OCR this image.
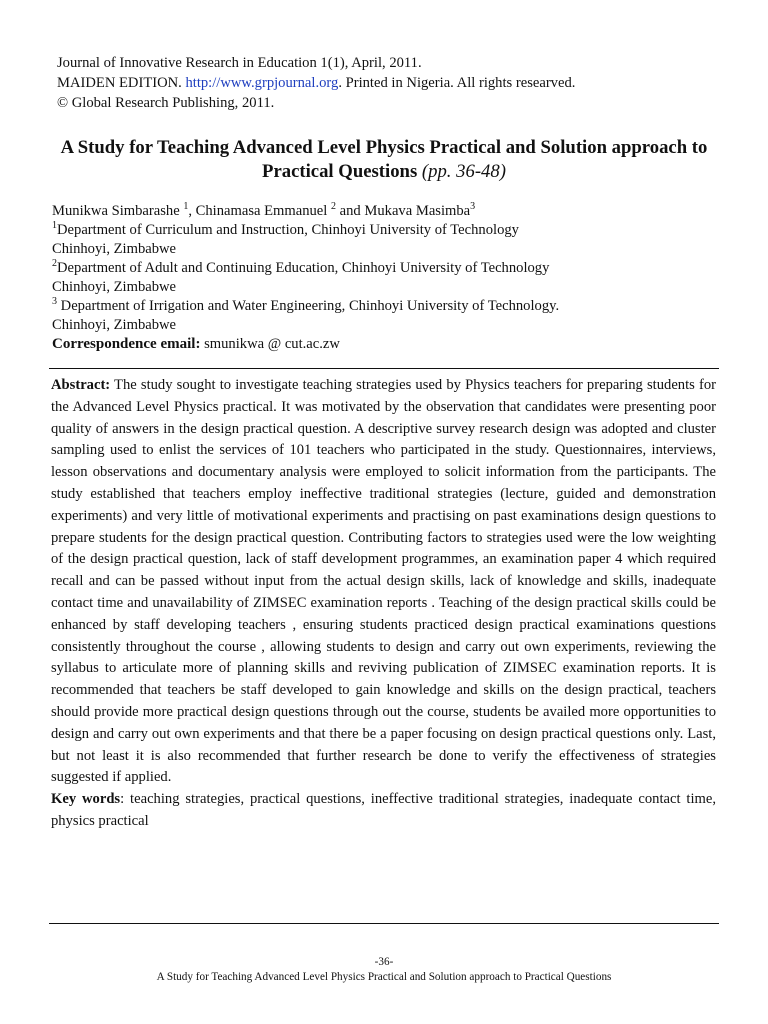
Journal of Innovative Research in Education 1(1), April, 2011.
MAIDEN EDITION. http://www.grpjournal.org. Printed in Nigeria. All rights researved.
© Global Research Publishing, 2011.
A Study for Teaching Advanced Level Physics Practical and Solution approach to Practical Questions (pp. 36-48)
Munikwa Simbarashe $^1$, Chinamasa Emmanuel $^2$ and Mukava Masimba$^3$
$^1$Department of Curriculum and Instruction, Chinhoyi University of Technology
Chinhoyi, Zimbabwe
$^2$Department of Adult and Continuing Education, Chinhoyi University of Technology
Chinhoyi, Zimbabwe
$^3$ Department of Irrigation and Water Engineering, Chinhoyi University of Technology.
Chinhoyi, Zimbabwe
Correspondence email: smunikwa @ cut.ac.zw
Abstract: The study sought to investigate teaching strategies used by Physics teachers for preparing students for the Advanced Level Physics practical. It was motivated by the observation that candidates were presenting poor quality of answers in the design practical question. A descriptive survey research design was adopted and cluster sampling used to enlist the services of 101 teachers who participated in the study. Questionnaires, interviews, lesson observations and documentary analysis were employed to solicit information from the participants. The study established that teachers employ ineffective traditional strategies (lecture, guided and demonstration experiments) and very little of motivational experiments and practising on past examinations design questions to prepare students for the design practical question. Contributing factors to strategies used were the low weighting of the design practical question, lack of staff development programmes, an examination paper 4 which required recall and can be passed without input from the actual design skills, lack of knowledge and skills, inadequate contact time and unavailability of ZIMSEC examination reports . Teaching of the design practical skills could be enhanced by staff developing teachers , ensuring students practiced design practical examinations questions consistently throughout the course , allowing students to design and carry out own experiments, reviewing the syllabus to articulate more of planning skills and reviving publication of ZIMSEC examination reports. It is recommended that teachers be staff developed to gain knowledge and skills on the design practical, teachers should provide more practical design questions through out the course, students be availed more opportunities to design and carry out own experiments and that there be a paper focusing on design practical questions only. Last, but not least it is also recommended that further research be done to verify the effectiveness of strategies suggested if applied.
Key words: teaching strategies, practical questions, ineffective traditional strategies, inadequate contact time, physics practical
-36-
A Study for Teaching Advanced Level Physics Practical and Solution approach to Practical Questions
